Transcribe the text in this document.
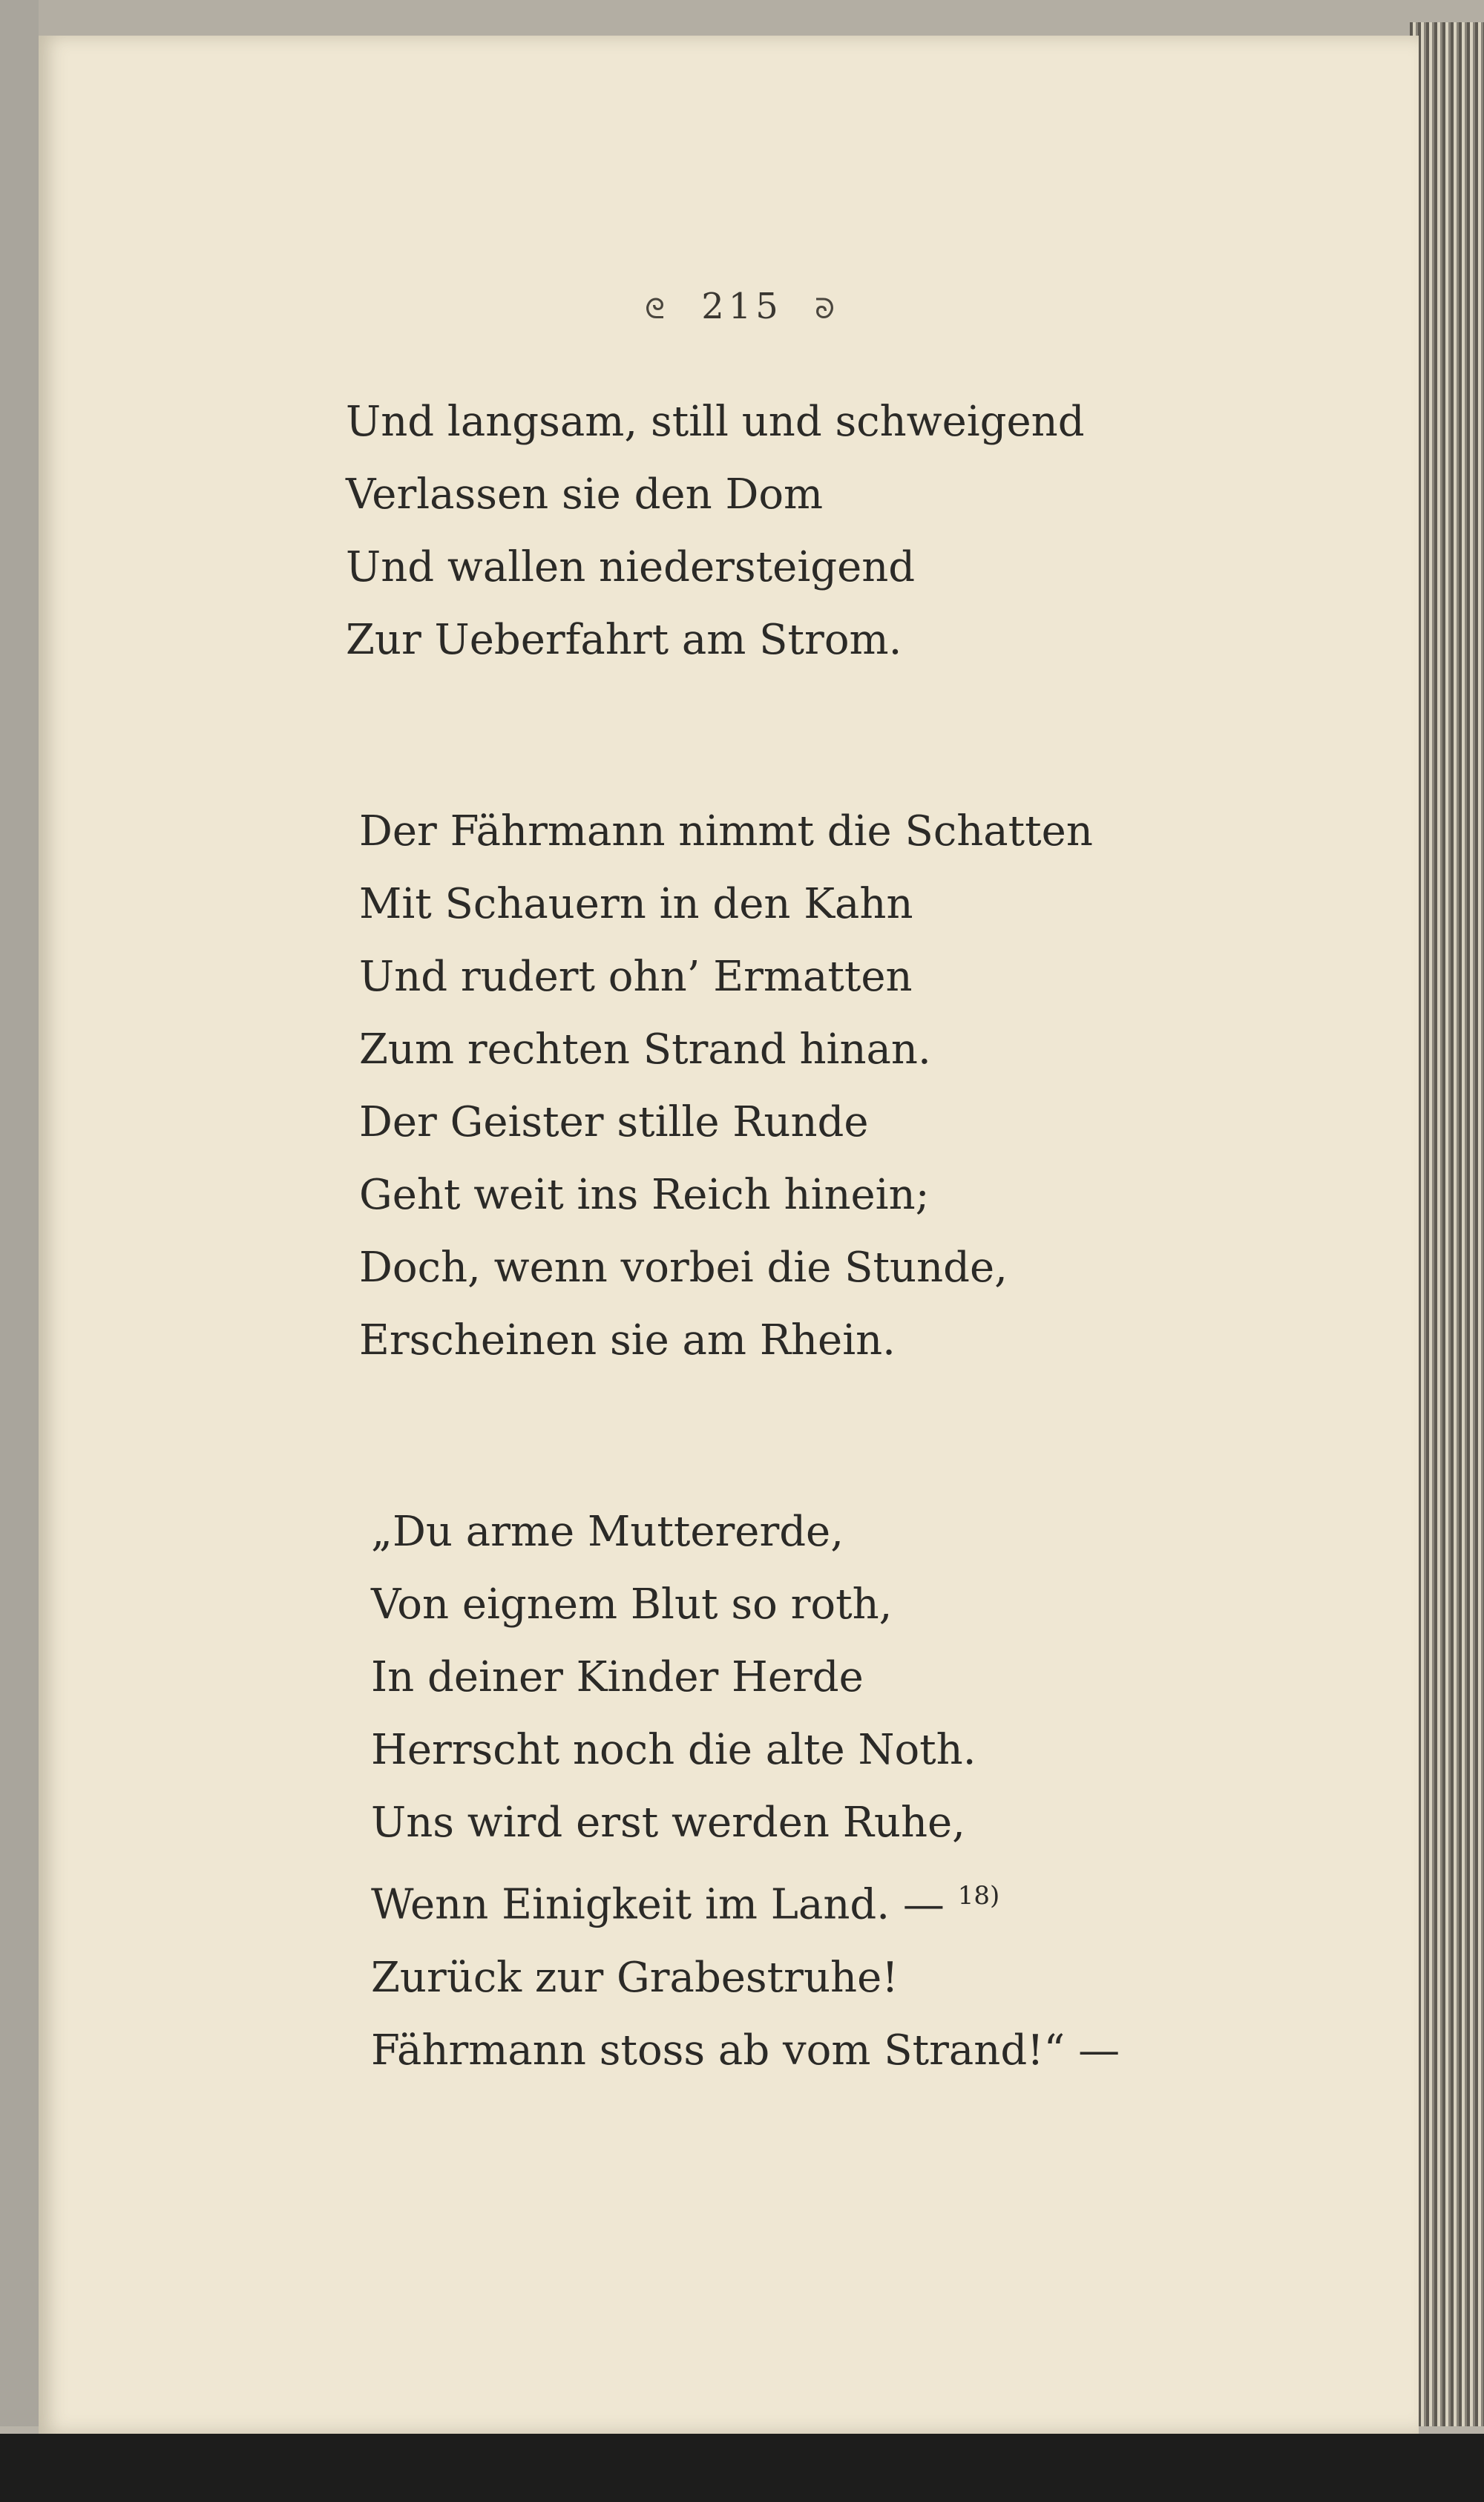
ᘓ 215 ᘐ
Und langsam, still und schweigend
Verlassen sie den Dom
Und wallen niedersteigend
Zur Ueberfahrt am Strom.
Der Fährmann nimmt die Schatten
Mit Schauern in den Kahn
Und rudert ohn’ Ermatten
Zum rechten Strand hinan.
Der Geister stille Runde
Geht weit ins Reich hinein;
Doch, wenn vorbei die Stunde,
Erscheinen sie am Rhein.
„Du arme Muttererde,
Von eignem Blut so roth,
In deiner Kinder Herde
Herrscht noch die alte Noth.
Uns wird erst werden Ruhe,
Wenn Einigkeit im Land. — $^{18)}$
Zurück zur Grabestruhe!
Fährmann stoss ab vom Strand!“ —
